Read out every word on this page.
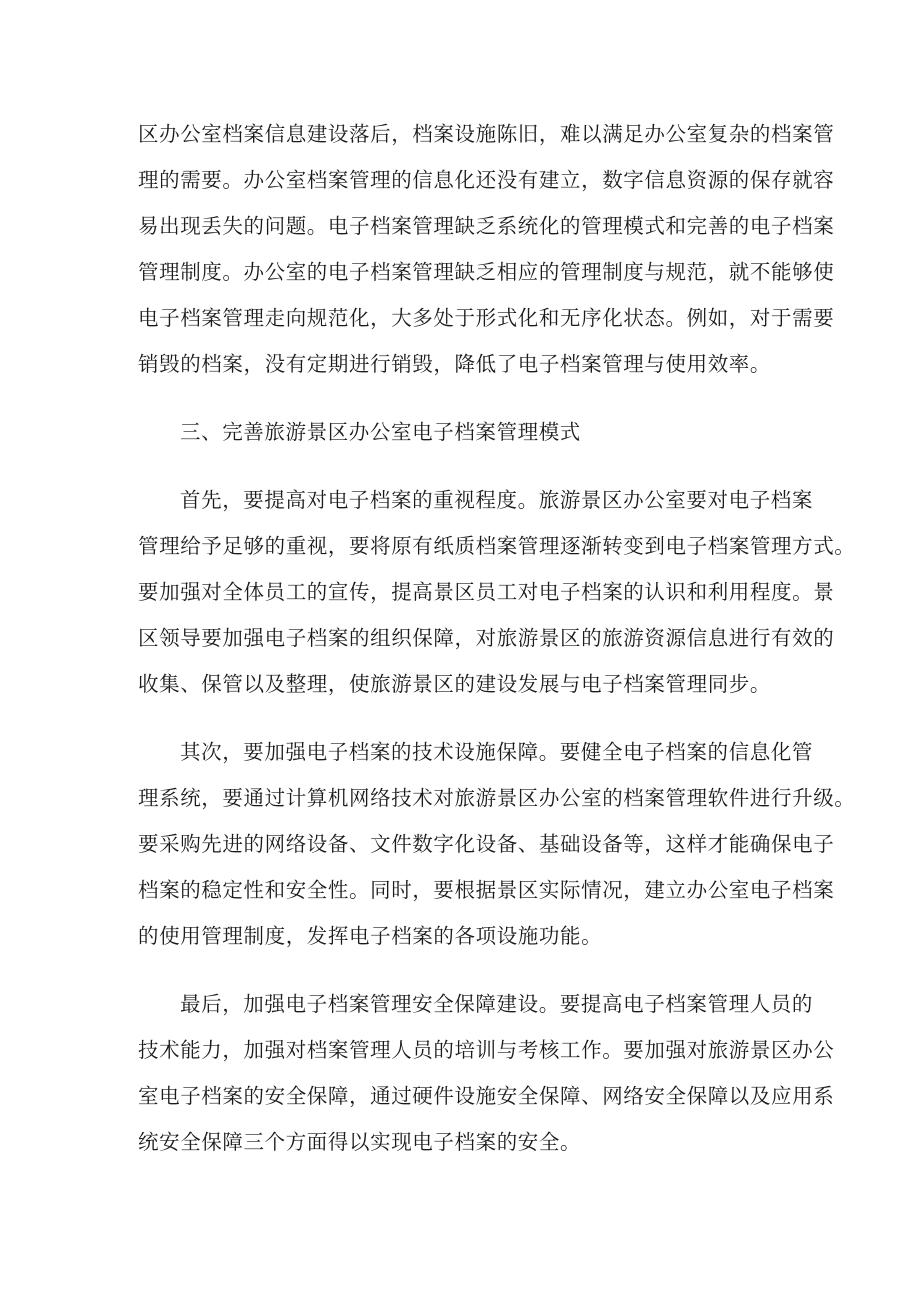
区办公室档案信息建设落后，档案设施陈旧，难以满足办公室复杂的档案管
理的需要。办公室档案管理的信息化还没有建立，数字信息资源的保存就容
易出现丢失的问题。电子档案管理缺乏系统化的管理模式和完善的电子档案
管理制度。办公室的电子档案管理缺乏相应的管理制度与规范，就不能够使
电子档案管理走向规范化，大多处于形式化和无序化状态。例如，对于需要
销毁的档案，没有定期进行销毁，降低了电子档案管理与使用效率。
三、完善旅游景区办公室电子档案管理模式
首先，要提高对电子档案的重视程度。旅游景区办公室要对电子档案
管理给予足够的重视，要将原有纸质档案管理逐渐转变到电子档案管理方式。
要加强对全体员工的宣传，提高景区员工对电子档案的认识和利用程度。景
区领导要加强电子档案的组织保障，对旅游景区的旅游资源信息进行有效的
收集、保管以及整理，使旅游景区的建设发展与电子档案管理同步。
其次，要加强电子档案的技术设施保障。要健全电子档案的信息化管
理系统，要通过计算机网络技术对旅游景区办公室的档案管理软件进行升级。
要采购先进的网络设备、文件数字化设备、基础设备等，这样才能确保电子
档案的稳定性和安全性。同时，要根据景区实际情况，建立办公室电子档案
的使用管理制度，发挥电子档案的各项设施功能。
最后，加强电子档案管理安全保障建设。要提高电子档案管理人员的
技术能力，加强对档案管理人员的培训与考核工作。要加强对旅游景区办公
室电子档案的安全保障，通过硬件设施安全保障、网络安全保障以及应用系
统安全保障三个方面得以实现电子档案的安全。
